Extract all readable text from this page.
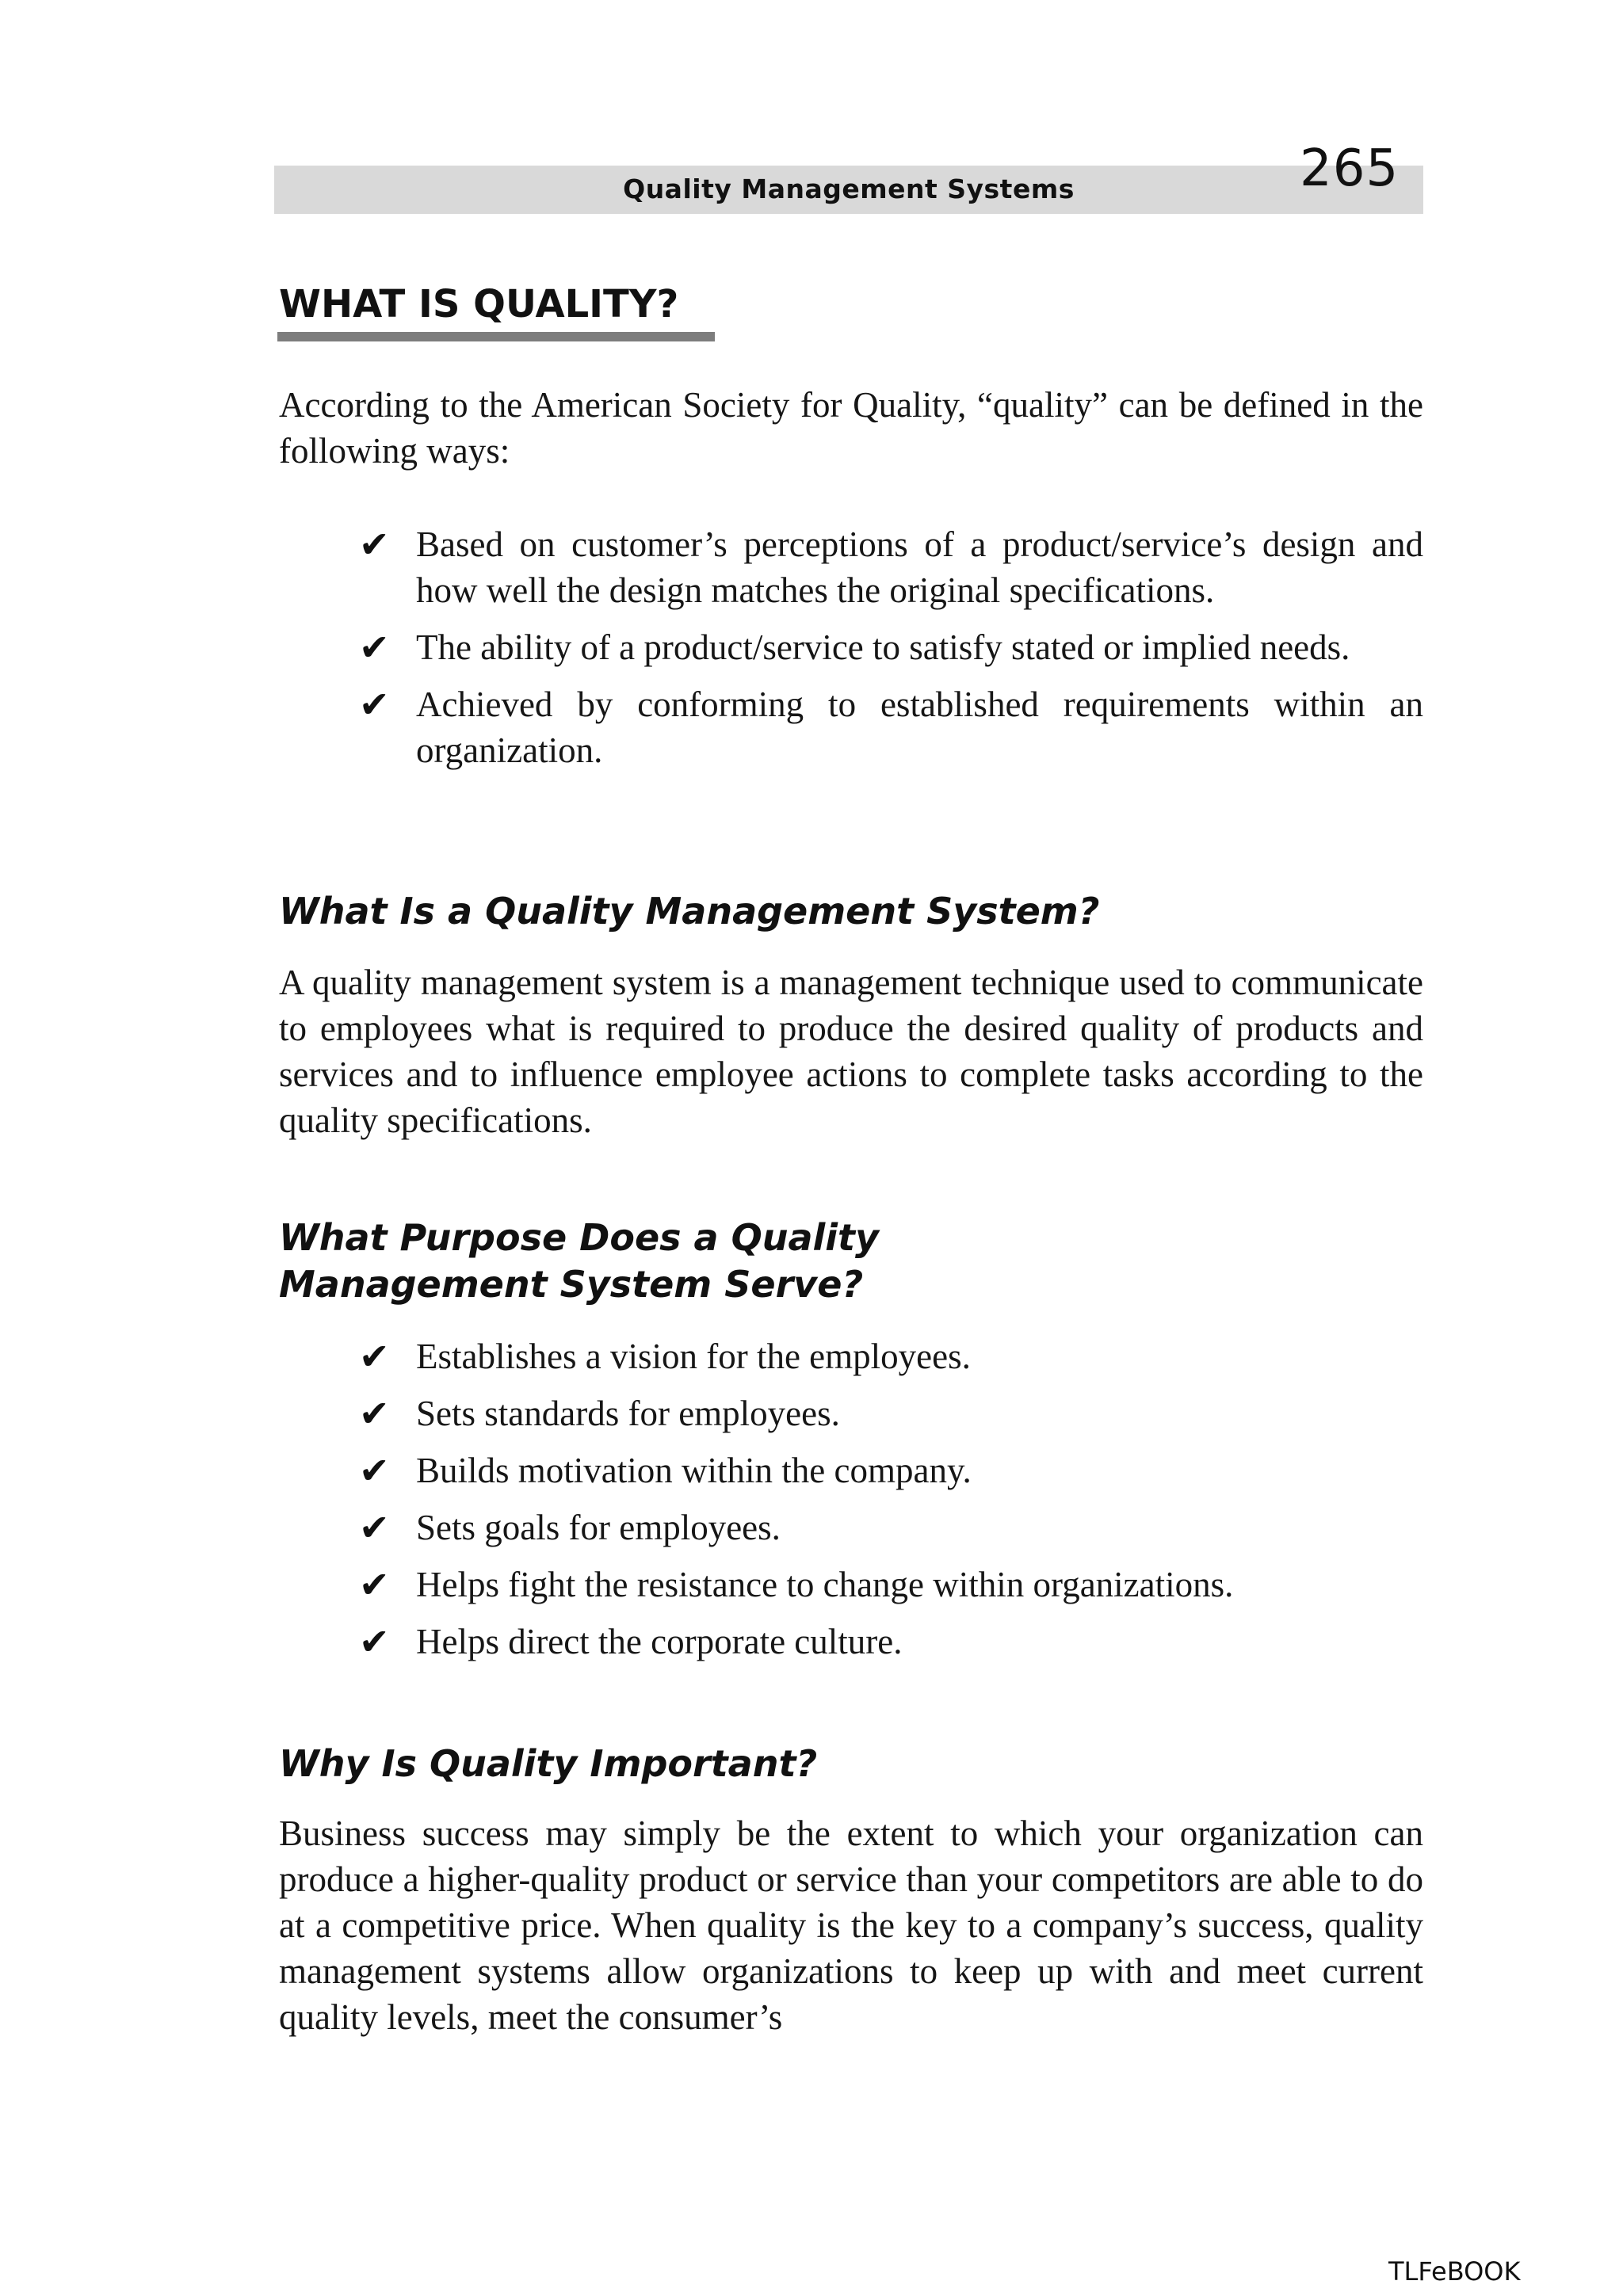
Quality Management Systems	265
WHAT IS QUALITY?

According to the American Society for Quality, “quality” can be defined in the following ways:

✔ Based on customer’s perceptions of a product/service’s design and how well the design matches the original specifications.
✔ The ability of a product/service to satisfy stated or implied needs.
✔ Achieved by conforming to established requirements within an organization.
What Is a Quality Management System?

A quality management system is a management technique used to communicate to employees what is required to produce the desired quality of products and services and to influence employee actions to complete tasks according to the quality specifications.

What Purpose Does a Quality
Management System Serve?
✔ Establishes a vision for the employees.
✔ Sets standards for employees.
✔ Builds motivation within the company.
✔ Sets goals for employees.
✔ Helps fight the resistance to change within organizations.
✔ Helps direct the corporate culture.
Why Is Quality Important?

Business success may simply be the extent to which your organization can produce a higher-quality product or service than your competitors are able to do at a competitive price. When quality is the key to a company’s success, quality management systems allow organizations to keep up with and meet current quality levels, meet the consumer’s

TLFeBOOK
